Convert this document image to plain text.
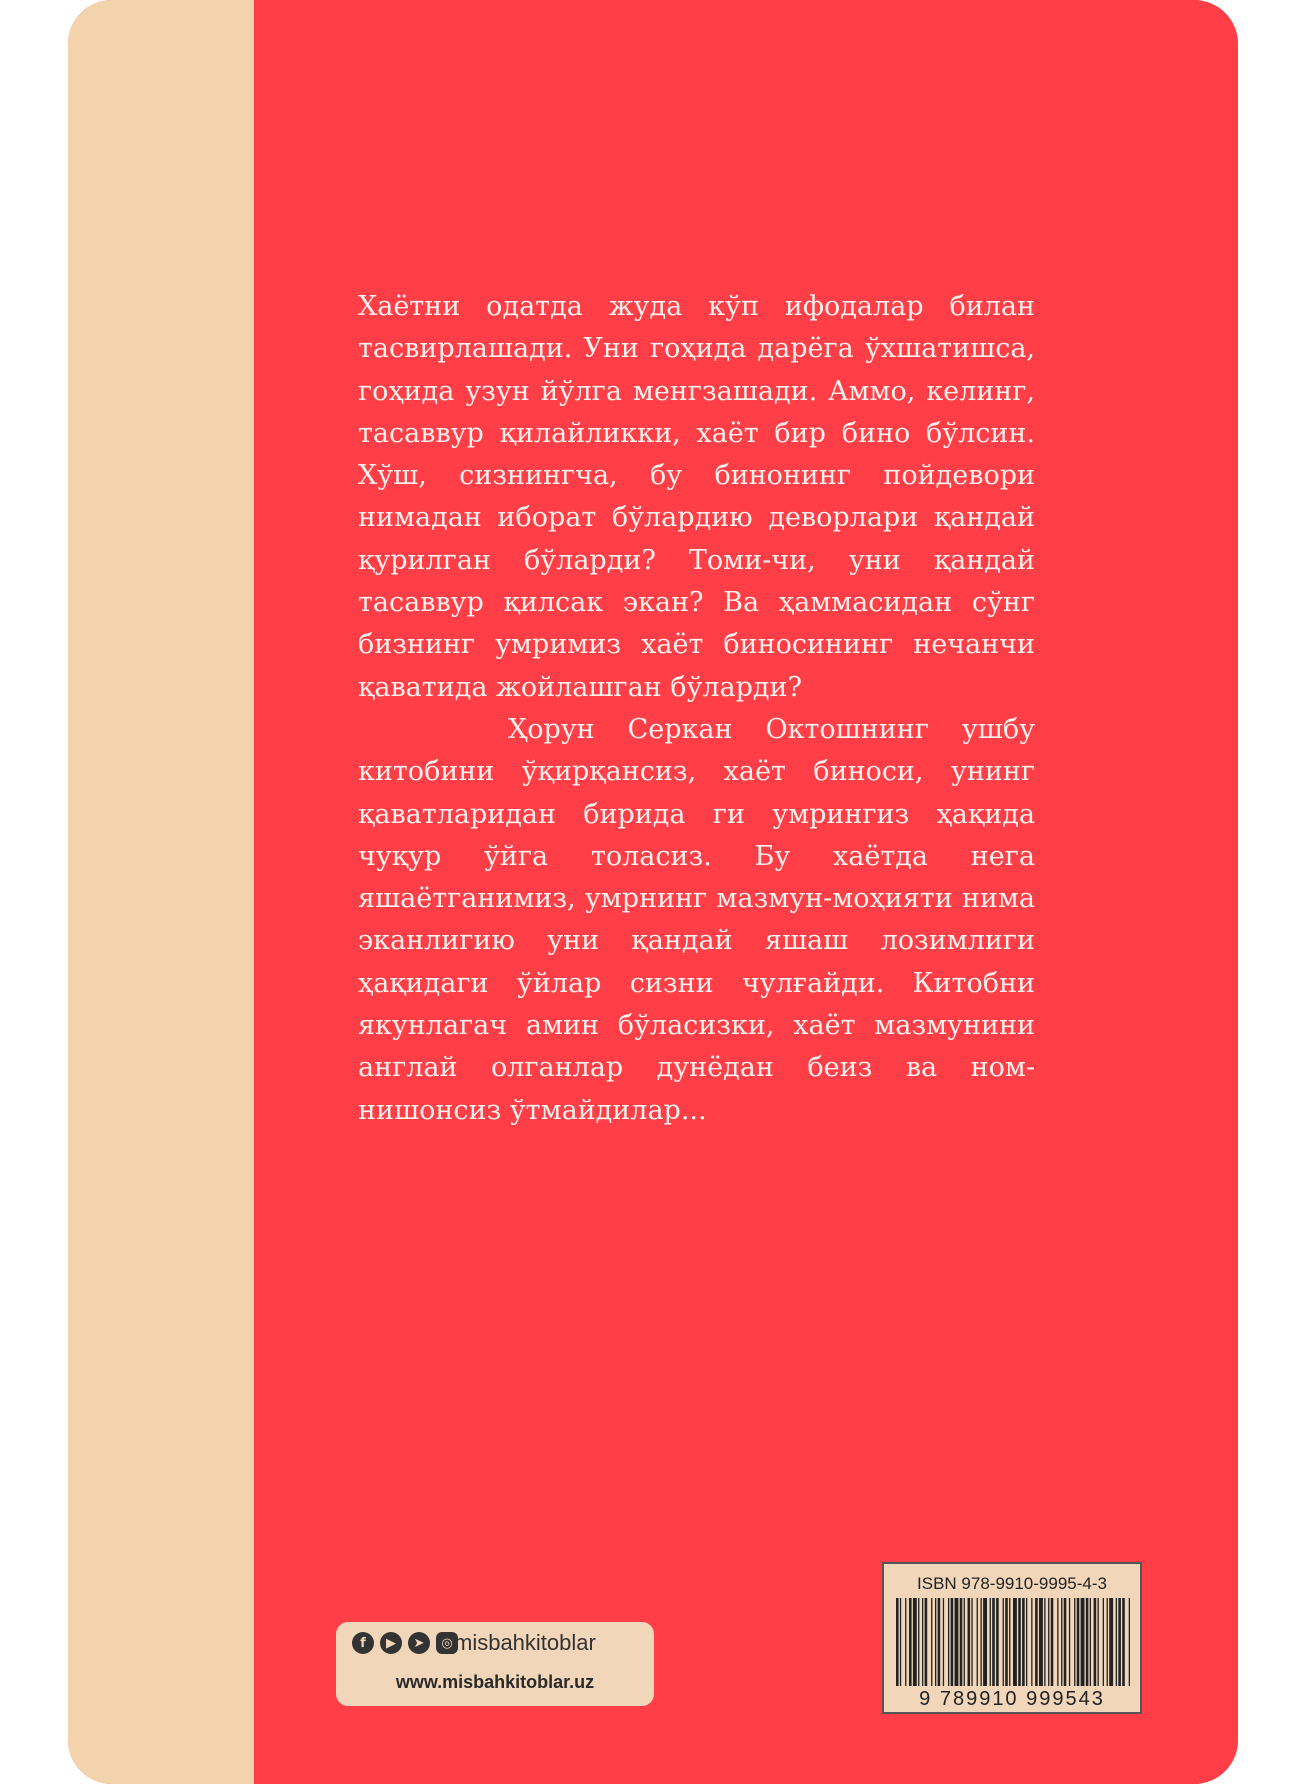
Хаётни одатда жуда кўп ифодалар билан тасвирлашади. Уни гоҳида дарёга ўхшатишса, гоҳида узун йўлга менгзашади. Аммо, келинг, тасаввур қилайликки, хаёт бир бино бўлсин. Хўш, сизнингча, бу бинонинг пойдевори нимадан иборат бўлардию деворлари қандай қурилган бўларди? Томи-чи, уни қандай тасаввур қилсак экан? Ва ҳаммасидан сўнг бизнинг умримиз хаёт биносининг нечанчи қаватида жойлашган бўларди?

Ҳорун Серкан Октошнинг ушбу китобини ўқирқансиз, хаёт биноси, унинг қаватларидан бирида ги умрингиз ҳақида чуқур ўйга толасиз. Бу хаётда нега яшаётганимиз, умрнинг мазмун-моҳияти нима эканлигию уни қандай яшаш лозимлиги ҳақидаги ўйлар сизни чулғайди. Китобни якунлагач амин бўласизки, хаёт мазмунини англай олганлар дунёдан беиз ва ном-нишонсиз ўтмайдилар...

f	▶	➤	◎ misbahkitoblar
www.misbahkitoblar.uz
ISBN 978-9910-9995-4-3
9 789910 999543
